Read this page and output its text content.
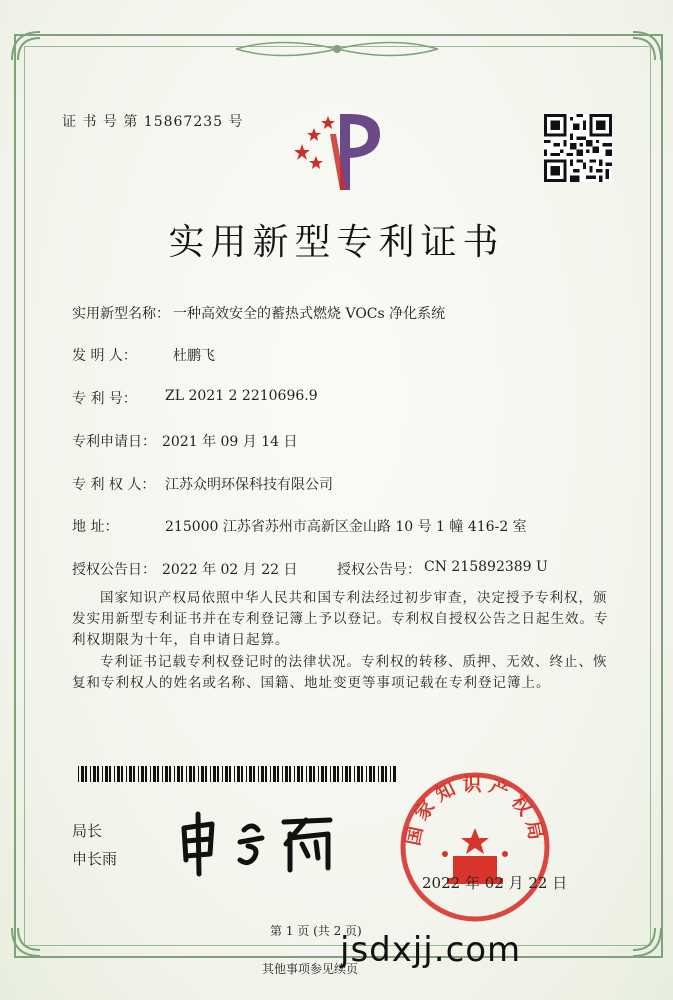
证 书 号 第 15867235 号
实用新型专利证书
实用新型名称： 一种高效安全的蓄热式燃烧 VOCs 净化系统
发 明 人：	杜鹏飞
专 利 号： ZL 2021 2 2210696.9
专利申请日： 2021 年 09 月 14 日
专 利 权 人： 江苏众明环保科技有限公司
地 址：	215000 江苏省苏州市高新区金山路 10 号 1 幢 416-2 室
授权公告日： 2022 年 02 月 22 日	授权公告号： CN 215892389 U
国家知识产权局依照中华人民共和国专利法经过初步审查，决定授予专利权，颁发实用新型专利证书并在专利登记簿上予以登记。专利权自授权公告之日起生效。专利权期限为十年，自申请日起算。
专利证书记载专利权登记时的法律状况。专利权的转移、质押、无效、终止、恢复和专利权人的姓名或名称、国籍、地址变更等事项记载在专利登记簿上。
局长
申长雨
国家知识产权局
2022 年 02 月 22 日
第 1 页 (共 2 页)
其他事项参见续页
jsdxjj.com
